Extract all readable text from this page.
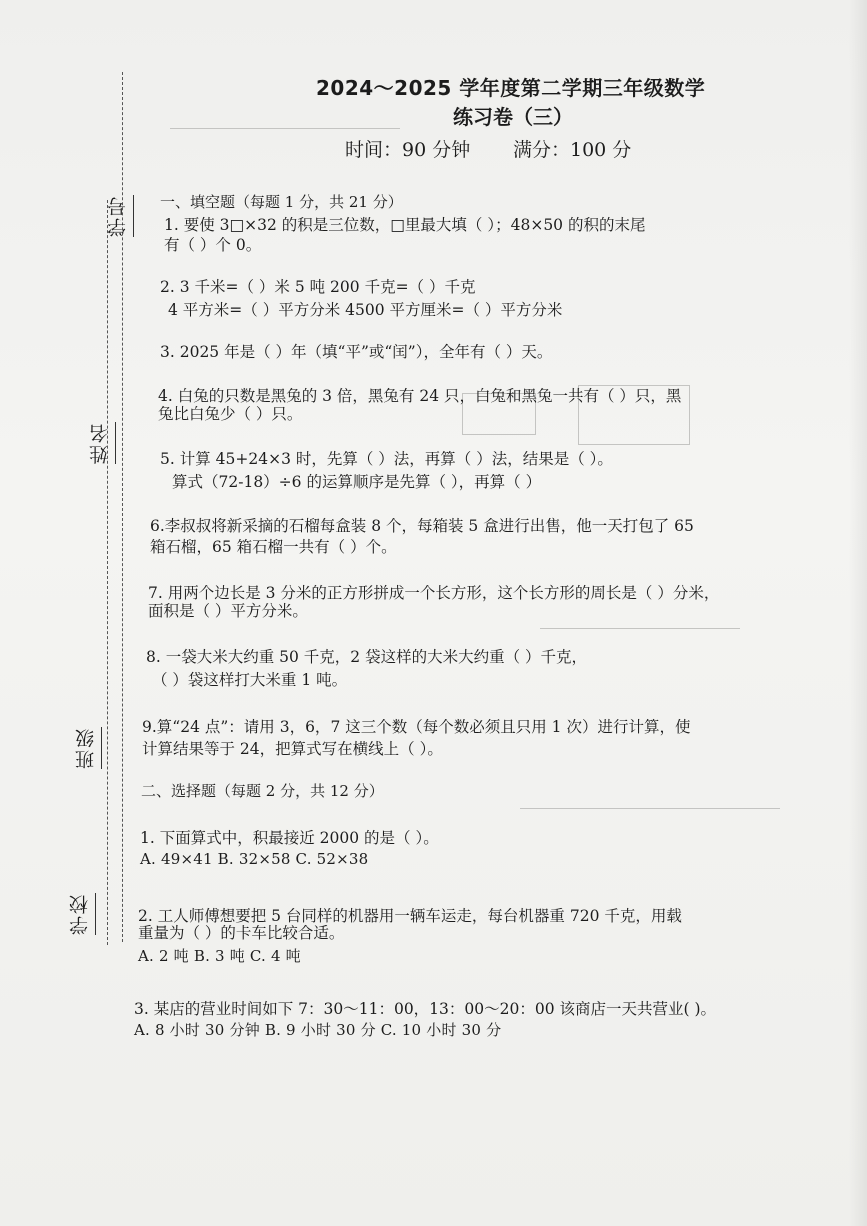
学号
姓名
班级
学校
2024～2025 学年度第二学期三年级数学
练习卷（三）
时间：90 分钟 满分：100 分
一、填空题（每题 1 分，共 21 分）
1. 要使 3□×32 的积是三位数，□里最大填（ ）；48×50 的积的末尾
有（ ）个 0。
2. 3 千米=（ ）米 5 吨 200 千克=（ ）千克
4 平方米=（ ）平方分米 4500 平方厘米=（ ）平方分米
3. 2025 年是（ ）年（填“平”或“闰”），全年有（ ）天。
4. 白兔的只数是黑兔的 3 倍，黑兔有 24 只，白兔和黑兔一共有（ ）只，黑
兔比白兔少（ ）只。
5. 计算 45+24×3 时，先算（ ）法，再算（ ）法，结果是（ ）。
算式（72-18）÷6 的运算顺序是先算（ ），再算（ ）
6.李叔叔将新采摘的石榴每盒装 8 个，每箱装 5 盒进行出售，他一天打包了 65
箱石榴，65 箱石榴一共有（ ）个。
7. 用两个边长是 3 分米的正方形拼成一个长方形，这个长方形的周长是（ ）分米，
面积是（ ）平方分米。
8. 一袋大米大约重 50 千克，2 袋这样的大米大约重（ ）千克，
（ ）袋这样打大米重 1 吨。
9.算“24 点”：请用 3，6，7 这三个数（每个数必须且只用 1 次）进行计算，使
计算结果等于 24，把算式写在横线上（ ）。
二、选择题（每题 2 分，共 12 分）
1. 下面算式中，积最接近 2000 的是（ ）。
A. 49×41 B. 32×58 C. 52×38
2. 工人师傅想要把 5 台同样的机器用一辆车运走，每台机器重 720 千克，用载
重量为（ ）的卡车比较合适。
A. 2 吨 B. 3 吨 C. 4 吨
3. 某店的营业时间如下 7：30～11：00，13：00～20：00 该商店一天共营业( )。
A. 8 小时 30 分钟 B. 9 小时 30 分 C. 10 小时 30 分
